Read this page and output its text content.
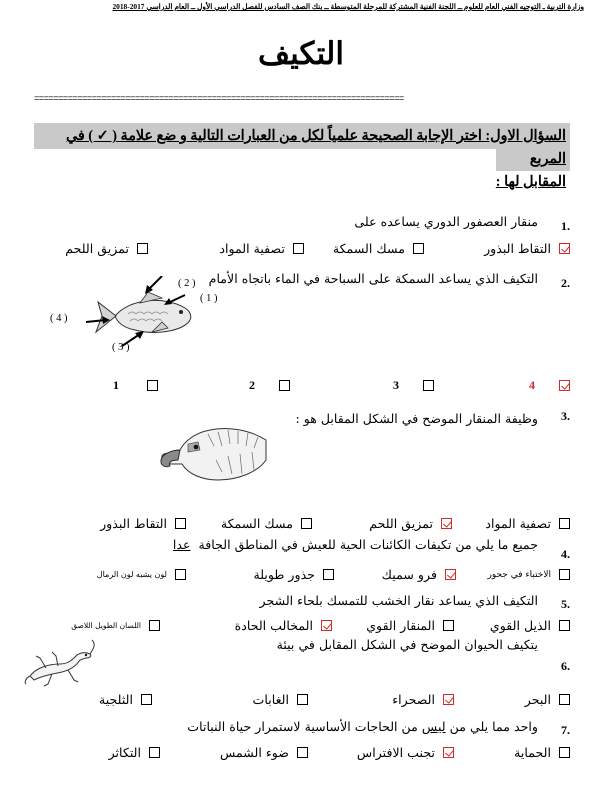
وزارة التربية ـ التوجيه الفني العام للعلوم ــ اللجنة الفنية المشتركة للمرحلة المتوسطة ــ بنك الصف السادس للفصل الدراسي الأول ــ العام الدراسي 2017-2018
التكيف
=============================================================================
السؤال الاول: اختر الإجابة الصحيحة علمياً لكل من العبارات التالية و ضع علامة ( ✓ ) في المربع
المقابل لها :
.1
منقار العصفور الدوري يساعده على

التقاط البذور

مسك السمكة

تصفية المواد

تمزيق اللحم
.2
التكيف الذي يساعد السمكة على السباحة في الماء باتجاه الأمام
( 2 )
( 1 )
( 3 )
( 4 )

4

3

2

1
.3
وظيفة المنقار الموضح في الشكل المقابل هو :

تصفية المواد

تمزيق اللحم

مسك السمكة

التقاط البذور
.4
جميع ما يلي من تكيفات الكائنات الحية للعيش في المناطق الجافة  عدا

الاختباء في جحور

فرو سميك

جذور طويلة

لون يشبه لون الرمال
.5
التكيف الذي يساعد نقار الخشب للتمسك بلحاء الشجر

الذيل القوي

المنقار القوي

المخالب الحادة

اللسان الطويل اللاصق
.6
يتكيف الحيوان الموضح في الشكل المقابل في بيئة

البحر

الصحراء

الغابات

الثلجية
.7
واحد مما يلي من ليس من الحاجات الأساسية لاستمرار حياة النباتات

الحماية

تجنب الافتراس

ضوء الشمس

التكاثر
